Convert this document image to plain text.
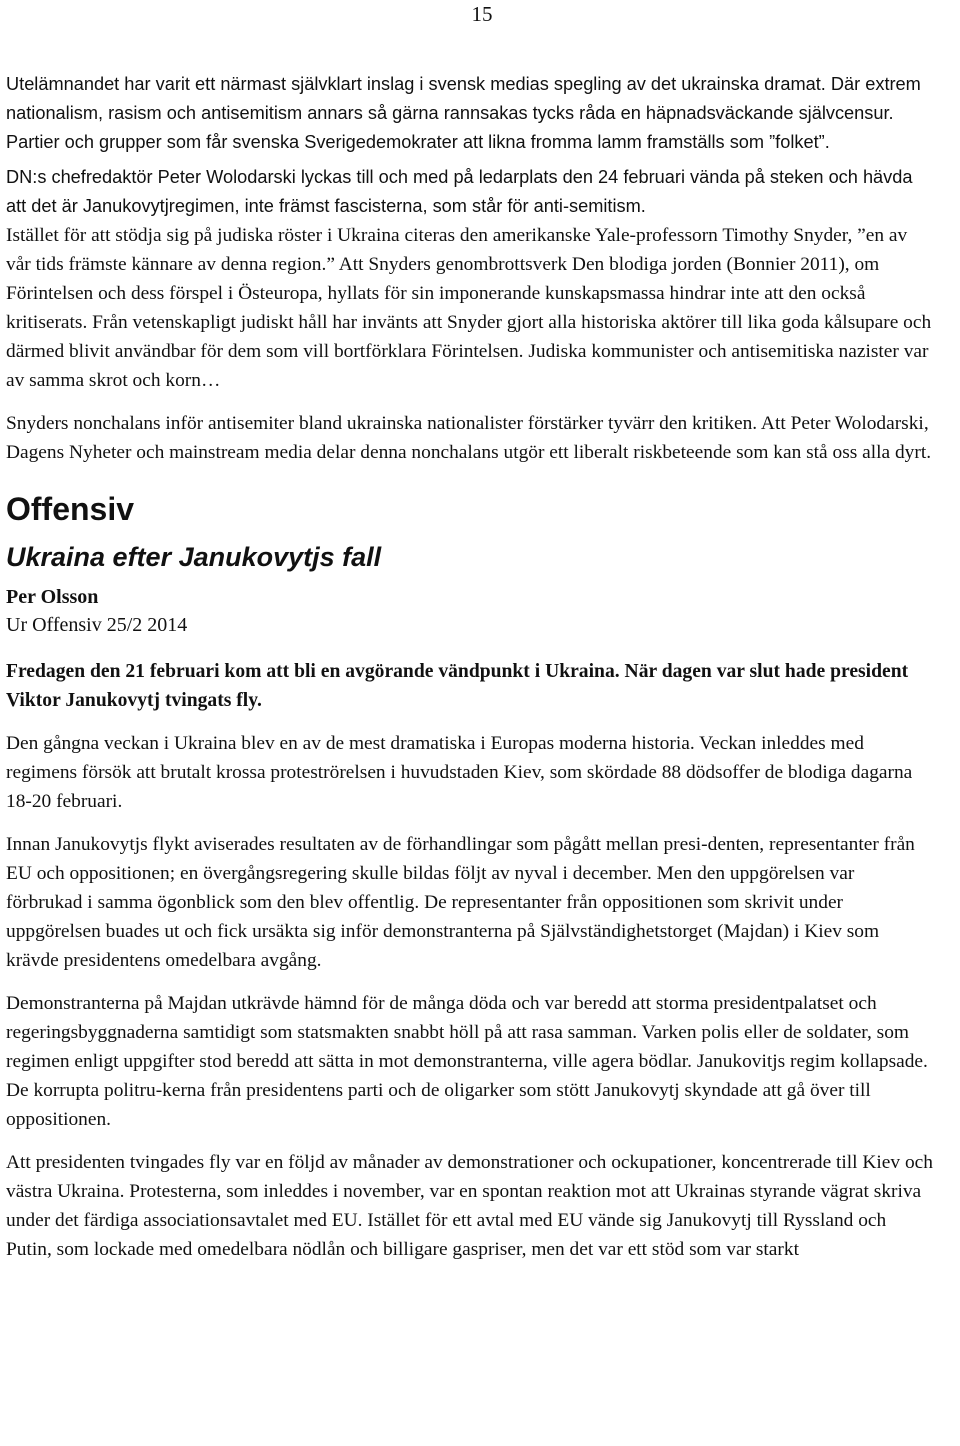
15

Utelämnandet har varit ett närmast självklart inslag i svensk medias spegling av det ukrainska dramat. Där extrem nationalism, rasism och antisemitism annars så gärna rannsakas tycks råda en häpnadsväckande självcensur. Partier och grupper som får svenska Sverigedemokrater att likna fromma lamm framställs som ”folket”.

DN:s chefredaktör Peter Wolodarski lyckas till och med på ledarplats den 24 februari vända på steken och hävda att det är Janukovytjregimen, inte främst fascisterna, som står för anti-semitism.

Istället för att stödja sig på judiska röster i Ukraina citeras den amerikanske Yale-professorn Timothy Snyder, ”en av vår tids främste kännare av denna region.” Att Snyders genombrottsverk Den blodiga jorden (Bonnier 2011), om Förintelsen och dess förspel i Östeuropa, hyllats för sin imponerande kunskapsmassa hindrar inte att den också kritiserats. Från vetenskapligt judiskt håll har invänts att Snyder gjort alla historiska aktörer till lika goda kålsupare och därmed blivit användbar för dem som vill bortförklara Förintelsen. Judiska kommunister och antisemitiska nazister var av samma skrot och korn…

Snyders nonchalans inför antisemiter bland ukrainska nationalister förstärker tyvärr den kritiken. Att Peter Wolodarski, Dagens Nyheter och mainstream media delar denna nonchalans utgör ett liberalt riskbeteende som kan stå oss alla dyrt.

Offensiv
Ukraina efter Janukovytjs fall
Per Olsson
Ur Offensiv 25/2 2014

Fredagen den 21 februari kom att bli en avgörande vändpunkt i Ukraina. När dagen var slut hade president Viktor Janukovytj tvingats fly.

Den gångna veckan i Ukraina blev en av de mest dramatiska i Europas moderna historia. Veckan inleddes med regimens försök att brutalt krossa proteströrelsen i huvudstaden Kiev, som skördade 88 dödsoffer de blodiga dagarna 18-20 februari.

Innan Janukovytjs flykt aviserades resultaten av de förhandlingar som pågått mellan presi-denten, representanter från EU och oppositionen; en övergångsregering skulle bildas följt av nyval i december. Men den uppgörelsen var förbrukad i samma ögonblick som den blev offentlig. De representanter från oppositionen som skrivit under uppgörelsen buades ut och fick ursäkta sig inför demonstranterna på Självständighetstorget (Majdan) i Kiev som krävde presidentens omedelbara avgång.

Demonstranterna på Majdan utkrävde hämnd för de många döda och var beredd att storma presidentpalatset och regeringsbyggnaderna samtidigt som statsmakten snabbt höll på att rasa samman. Varken polis eller de soldater, som regimen enligt uppgifter stod beredd att sätta in mot demonstranterna, ville agera bödlar. Janukovitjs regim kollapsade. De korrupta politru-kerna från presidentens parti och de oligarker som stött Janukovytj skyndade att gå över till oppositionen.

Att presidenten tvingades fly var en följd av månader av demonstrationer och ockupationer, koncentrerade till Kiev och västra Ukraina. Protesterna, som inleddes i november, var en spontan reaktion mot att Ukrainas styrande vägrat skriva under det färdiga associationsavtalet med EU. Istället för ett avtal med EU vände sig Janukovytj till Ryssland och Putin, som lockade med omedelbara nödlån och billigare gaspriser, men det var ett stöd som var starkt
